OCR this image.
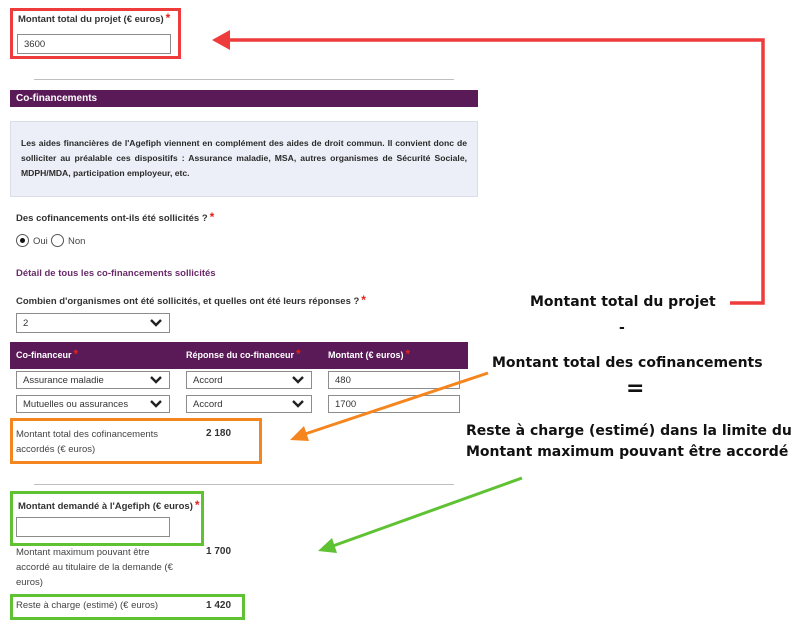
Montant total du projet (€ euros) *
3600
Co-financements
Les aides financières de l'Agefiph viennent en complément des aides de droit commun. Il convient donc de solliciter au préalable ces dispositifs : Assurance maladie, MSA, autres organismes de Sécurité Sociale, MDPH/MDA, participation employeur, etc.
Des cofinancements ont-ils été sollicités ? *
Oui Non
Détail de tous les co-financements sollicités
Combien d'organismes ont été sollicités, et quelles ont été leurs réponses ? *
2
Co-financeur *	Réponse du co-financeur *	Montant (€ euros) *
Assurance maladie	Accord	480
Mutuelles ou assurances	Accord	1700
Montant total des cofinancements
accordés (€ euros)
2 180
Montant demandé à l'Agefiph (€ euros) *
Montant maximum pouvant être
accordé au titulaire de la demande (€
euros)
1 700
Reste à charge (estimé) (€ euros)	1 420
Montant total du projet
-
Montant total des cofinancements
=
Reste à charge (estimé) dans la limite du
Montant maximum pouvant être accordé
